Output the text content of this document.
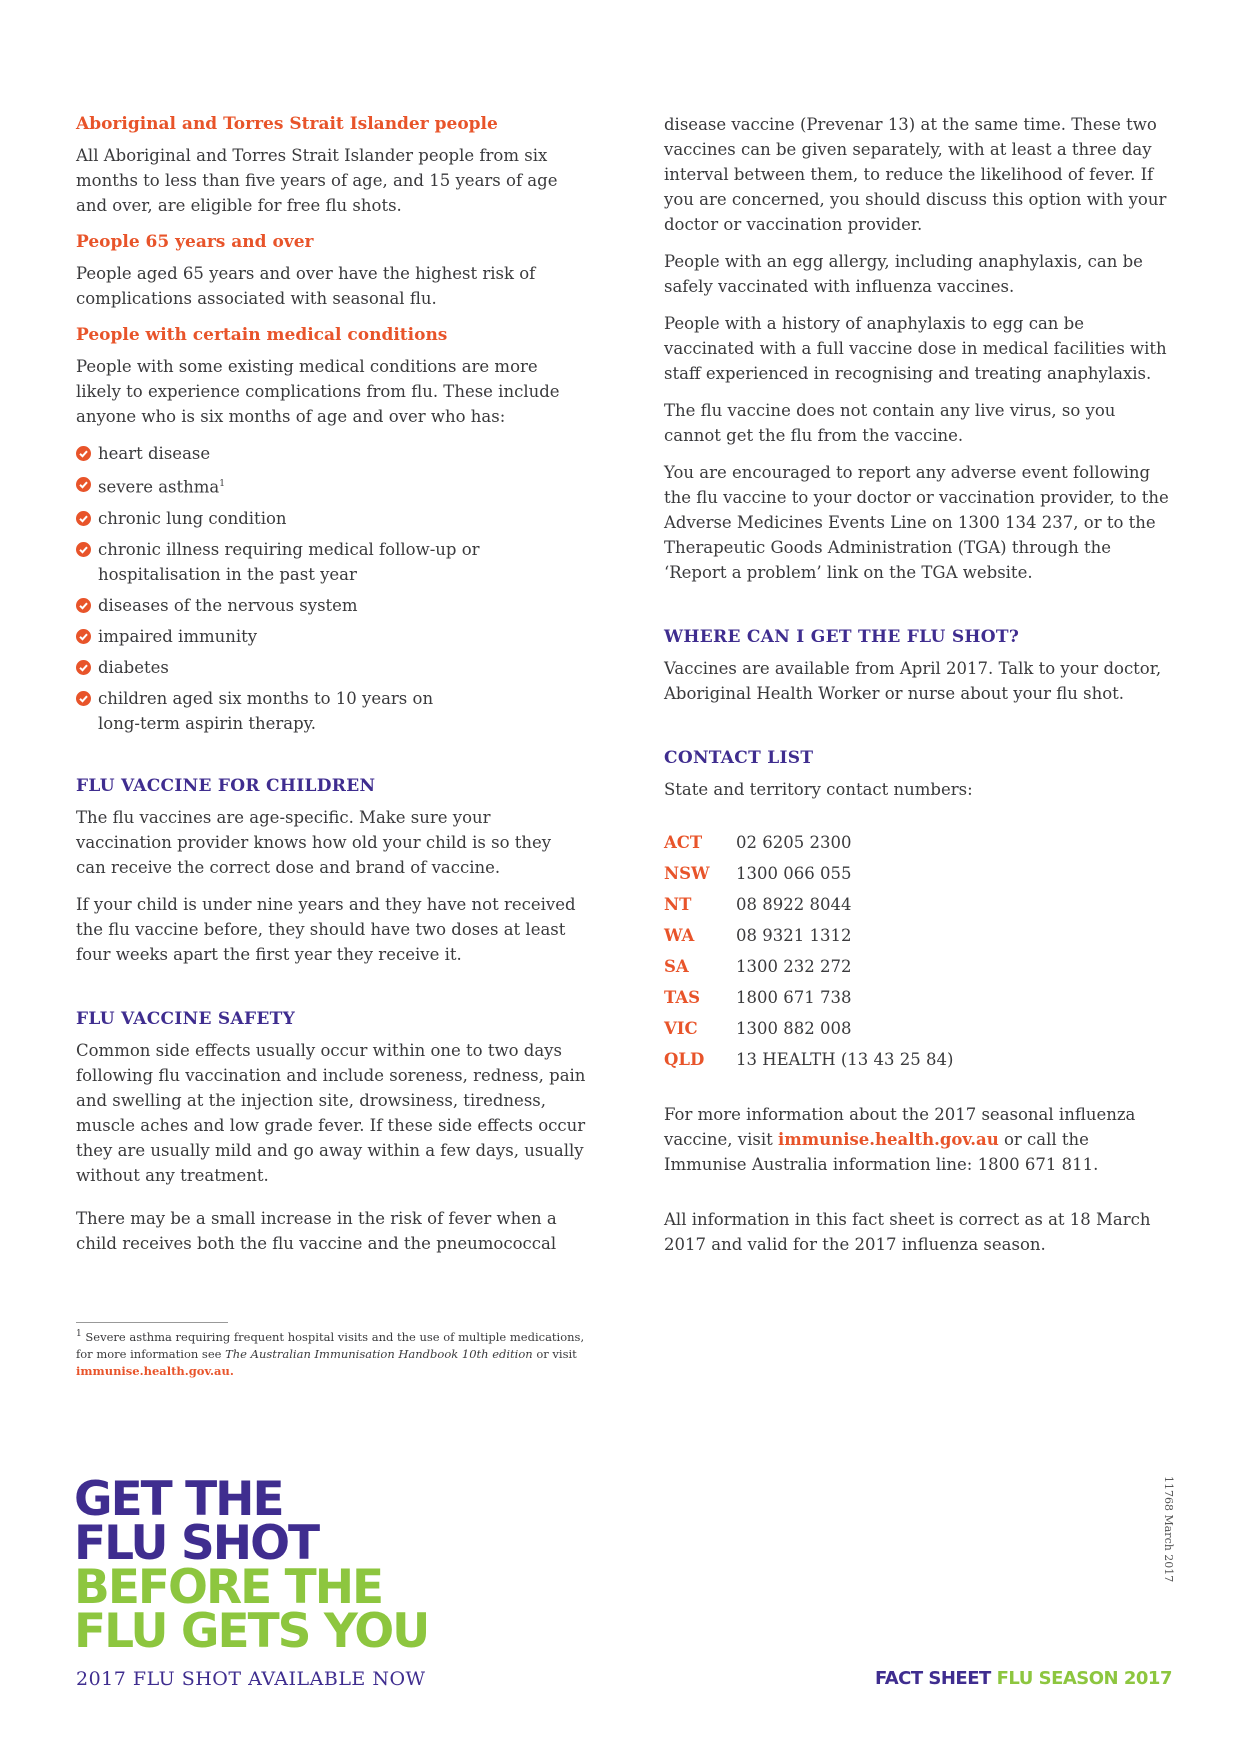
Aboriginal and Torres Strait Islander people

All Aboriginal and Torres Strait Islander people from six months to less than five years of age, and 15 years of age and over, are eligible for free flu shots.

People 65 years and over

People aged 65 years and over have the highest risk of complications associated with seasonal flu.

People with certain medical conditions

People with some existing medical conditions are more likely to experience complications from flu. These include anyone who is six months of age and over who has:

heart disease
severe asthma$^1$
chronic lung condition
chronic illness requiring medical follow-up or hospitalisation in the past year
diseases of the nervous system
impaired immunity
diabetes
children aged six months to 10 years on long-term aspirin therapy.
FLU VACCINE FOR CHILDREN

The flu vaccines are age-specific. Make sure your vaccination provider knows how old your child is so they can receive the correct dose and brand of vaccine.

If your child is under nine years and they have not received the flu vaccine before, they should have two doses at least four weeks apart the first year they receive it.

FLU VACCINE SAFETY

Common side effects usually occur within one to two days following flu vaccination and include soreness, redness, pain and swelling at the injection site, drowsiness, tiredness, muscle aches and low grade fever. If these side effects occur they are usually mild and go away within a few days, usually without any treatment.

There may be a small increase in the risk of fever when a child receives both the flu vaccine and the pneumococcal

disease vaccine (Prevenar 13) at the same time. These two vaccines can be given separately, with at least a three day interval between them, to reduce the likelihood of fever. If you are concerned, you should discuss this option with your doctor or vaccination provider.

People with an egg allergy, including anaphylaxis, can be safely vaccinated with influenza vaccines.

People with a history of anaphylaxis to egg can be vaccinated with a full vaccine dose in medical facilities with staff experienced in recognising and treating anaphylaxis.

The flu vaccine does not contain any live virus, so you cannot get the flu from the vaccine.

You are encouraged to report any adverse event following the flu vaccine to your doctor or vaccination provider, to the Adverse Medicines Events Line on 1300 134 237, or to the Therapeutic Goods Administration (TGA) through the ‘Report a problem’ link on the TGA website.

WHERE CAN I GET THE FLU SHOT?

Vaccines are available from April 2017. Talk to your doctor, Aboriginal Health Worker or nurse about your flu shot.

CONTACT LIST

State and territory contact numbers:

ACT	02 6205 2300
NSW	1300 066 055
NT	08 8922 8044
WA	08 9321 1312
SA	1300 232 272
TAS	1800 671 738
VIC	1300 882 008
QLD	13 HEALTH (13 43 25 84)

For more information about the 2017 seasonal influenza vaccine, visit immunise.health.gov.au or call the Immunise Australia information line: 1800 671 811.

All information in this fact sheet is correct as at 18 March 2017 and valid for the 2017 influenza season.

$^1$ Severe asthma requiring frequent hospital visits and the use of multiple medications, for more information see The Australian Immunisation Handbook 10th edition or visit immunise.health.gov.au.
GET THE
FLU SHOT
BEFORE THE
FLU GETS YOU
2017 FLU SHOT AVAILABLE NOW	FACT SHEET FLU SEASON 2017
11768 March 2017
